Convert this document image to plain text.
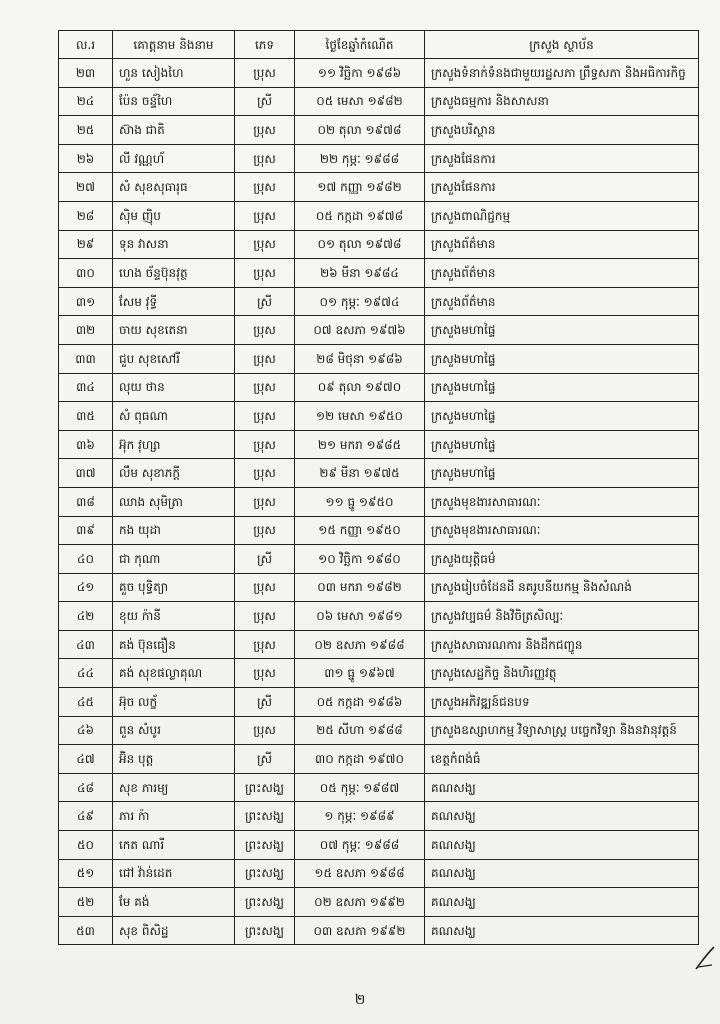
ល.រ	គោត្តនាម និងនាម	ភេទ	ថ្ងៃខែឆ្នាំកំណើត	ក្រសួង ស្ថាប័ន
២៣	ហួន សៀងហៃ	ប្រុស	១១ វិច្ឆិកា ១៩៨៦	ក្រសួងទំនាក់ទំនងជាមួយរដ្ឋសភា ព្រឹទ្ធសភា និងអធិការកិច្ច
២៤	ប៉ែន ចន្ទ័ហៃ	ស្រី	០៥ មេសា ១៩៨២	ក្រសួងធម្មការ និងសាសនា
២៥	ស៊ាង ជាតិ	ប្រុស	០២ តុលា ១៩៧៨	ក្រសួងបរិស្ថាន
២៦	លី វណ្ណហ័	ប្រុស	២២ កុម្ភៈ ១៩៨៨	ក្រសួងផែនការ
២៧	សំ សុខសុធារុធ	ប្រុស	១៧ កញ្ញា ១៩៨២	ក្រសួងផែនការ
២៨	ស៊ិម ញ៉ិប	ប្រុស	០៥ កក្កដា ១៩៧៨	ក្រសួងពាណិជ្ជកម្ម
២៩	ទុន វាសនា	ប្រុស	០១ តុលា ១៩៧៨	ក្រសួងព័ត៌មាន
៣០	ហេង ច័ន្ទប៊ុនវុត្ថ	ប្រុស	២៦ មីនា ១៩៨៤	ក្រសួងព័ត៌មាន
៣១	សែម វុទ្ធី	ស្រី	០១ កុម្ភៈ ១៩៧៤	ក្រសួងព័ត៌មាន
៣២	ចាយ សុខតេនា	ប្រុស	០៧ ឧសភា ១៩៧៦	ក្រសួងមហាផ្ទៃ
៣៣	ជួប សុខសៅរី	ប្រុស	២៨ មិថុនា ១៩៨៦	ក្រសួងមហាផ្ទៃ
៣៤	លុយ ថាន	ប្រុស	០៩ តុលា ១៩៧០	ក្រសួងមហាផ្ទៃ
៣៥	សំ ពុធណា	ប្រុស	១២ មេសា ១៩៥០	ក្រសួងមហាផ្ទៃ
៣៦	អ៊ុក វុហ្សា	ប្រុស	២១ មករា ១៩៨៥	ក្រសួងមហាផ្ទៃ
៣៧	លឹម សុខាភក្តី	ប្រុស	២៩ មីនា ១៩៧៥	ក្រសួងមហាផ្ទៃ
៣៨	ឈាង សុមិត្រា	ប្រុស	១១ ធ្នូ ១៩៥០	ក្រសួងមុខងារសាធារណៈ
៣៩	កង យុដា	ប្រុស	១៥ កញ្ញា ១៩៥០	ក្រសួងមុខងារសាធារណៈ
៤០	ជា កុណា	ស្រី	១០ វិច្ឆិកា ១៩៨០	ក្រសួងយុត្តិធម៌
៤១	គួច បុទ្ធិត្យា	ប្រុស	០៣ មករា ១៩៨២	ក្រសួងរៀបចំដែនដី នគរូបនីយកម្ម និងសំណង់
៤២	ខុយ ក៉ានី	ប្រុស	០៦ មេសា ១៩៨១	ក្រសួងវប្បធម៌ និងវិចិត្រសិល្បៈ
៤៣	គង់ ប៊ុនធឿន	ប្រុស	០២ ឧសភា ១៩៨៨	ក្រសួងសាធារណការ និងដឹកជញ្ជូន
៤៤	គង់ សុខផល្លាគុណ	ប្រុស	៣១ ធ្នូ ១៩៦៧	ក្រសួងសេដ្ឋកិច្ច និងហិរញ្ញវត្ថុ
៤៥	អ៊ុច លក្ខ័	ស្រី	០៥ កក្កដា ១៩៨៦	ក្រសួងអភិវឌ្ឍន៍ជនបទ
៤៦	ពួន សំបូរ	ប្រុស	២៥ សីហា ១៩៨៨	ក្រសួងឧស្សាហកម្ម វិទ្យាសាស្ត្រ បច្ចេកវិទ្យា និងនវានុវត្តន៍
៤៧	អ៊ិន បុត្ត	ស្រី	៣០ កក្កដា ១៩៧០	ខេត្តកំពង់ធំ
៤៨	សុខ ភារម្យ	ព្រះសង្ឃ	០៥ កុម្ភៈ ១៩៨៧	គណសង្ឃ
៤៩	ភារ ក៉ា	ព្រះសង្ឃ	១ កុម្ភៈ ១៩៨៩	គណសង្ឃ
៥០	កេត ណារី	ព្រះសង្ឃ	០៧ កុម្ភៈ ១៩៨៨	គណសង្ឃ
៥១	ជៅ វ៉ាន់ដេត	ព្រះសង្ឃ	១៥ ឧសភា ១៩៨៨	គណសង្ឃ
៥២	មែ គង់	ព្រះសង្ឃ	០២ ឧសភា ១៩៩២	គណសង្ឃ
៥៣	សុខ ពិសិដ្ឋ	ព្រះសង្ឃ	០៣ ឧសភា ១៩៩២	គណសង្ឃ
២
